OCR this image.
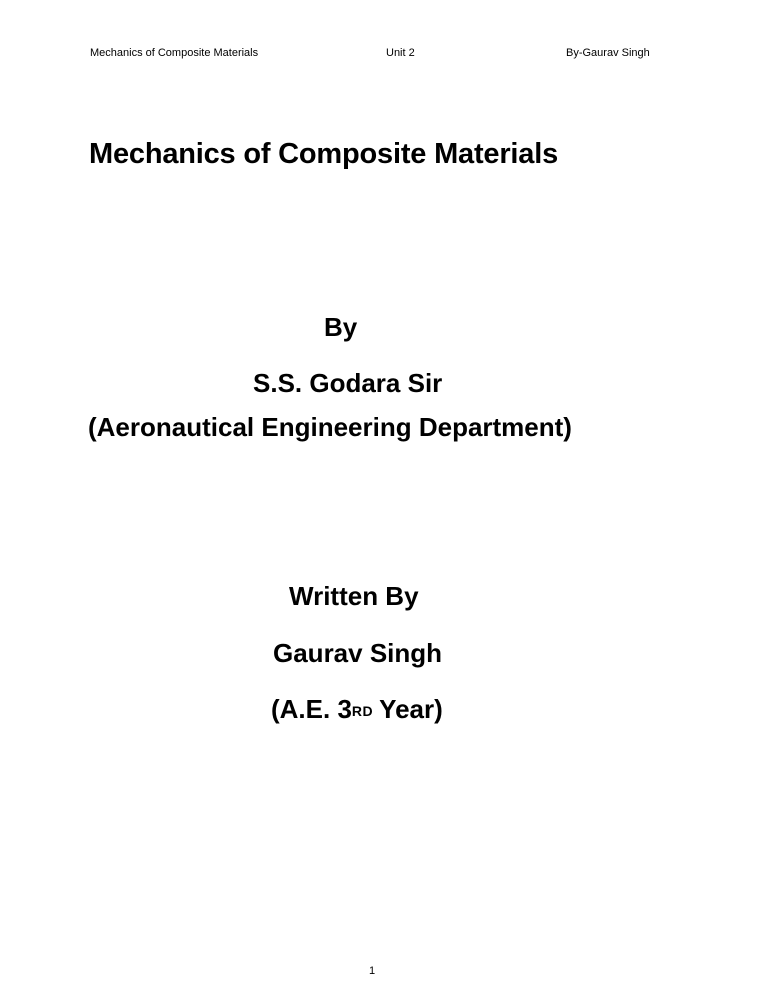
Mechanics of Composite Materials	Unit 2	By-Gaurav Singh
Mechanics of Composite Materials
By
S.S. Godara Sir
(Aeronautical Engineering Department)
Written By
Gaurav Singh
(A.E. 3RD Year)
1
